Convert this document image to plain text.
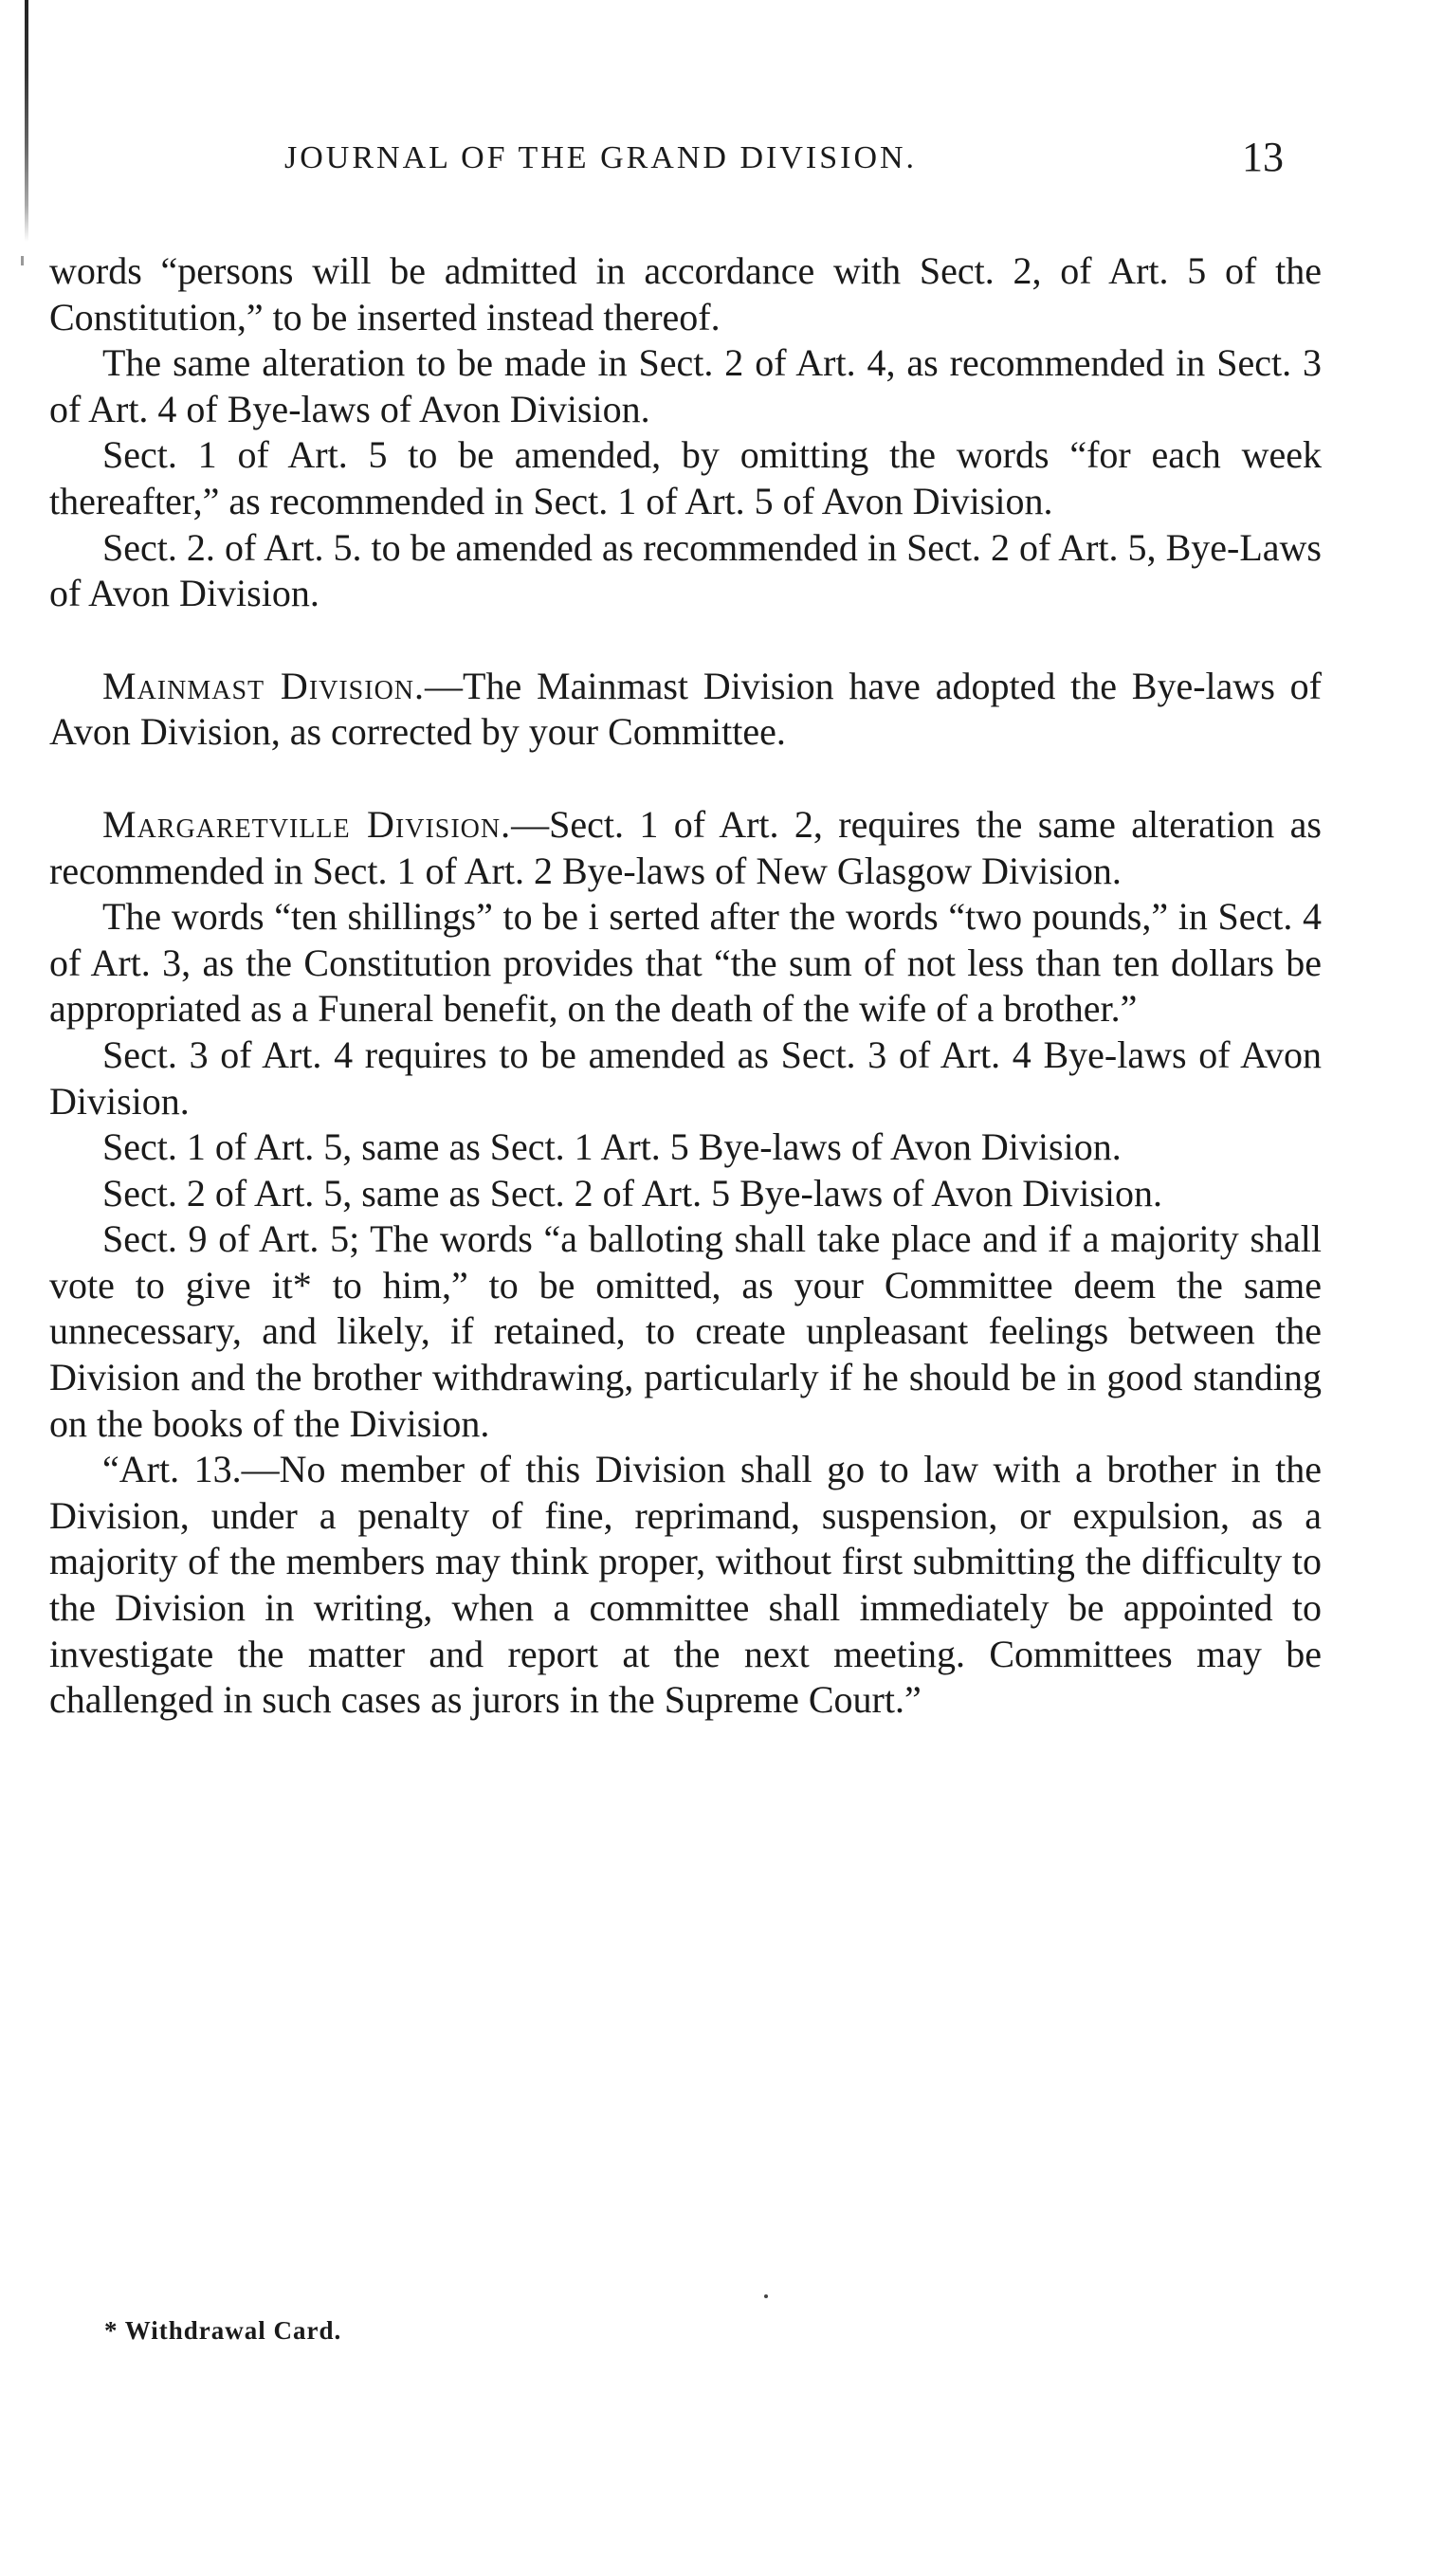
JOURNAL OF THE GRAND DIVISION.	13

words “persons will be admitted in accordance with Sect. 2, of Art. 5 of the Constitution,” to be inserted instead thereof.

The same alteration to be made in Sect. 2 of Art. 4, as recommended in Sect. 3 of Art. 4 of Bye-laws of Avon Division.

Sect. 1 of Art. 5 to be amended, by omitting the words “for each week thereafter,” as recommended in Sect. 1 of Art. 5 of Avon Division.

Sect. 2. of Art. 5. to be amended as recommended in Sect. 2 of Art. 5, Bye-Laws of Avon Division.

Mainmast Division.—The Mainmast Division have adopted the Bye-laws of Avon Division, as corrected by your Committee.

Margaretville Division.—Sect. 1 of Art. 2, requires the same alteration as recommended in Sect. 1 of Art. 2 Bye-laws of New Glasgow Division.

The words “ten shillings” to be i serted after the words “two pounds,” in Sect. 4 of Art. 3, as the Constitution provides that “the sum of not less than ten dollars be appropriated as a Funeral benefit, on the death of the wife of a brother.”

Sect. 3 of Art. 4 requires to be amended as Sect. 3 of Art. 4 Bye-laws of Avon Division.

Sect. 1 of Art. 5, same as Sect. 1 Art. 5 Bye-laws of Avon Division.

Sect. 2 of Art. 5, same as Sect. 2 of Art. 5 Bye-laws of Avon Division.

Sect. 9 of Art. 5; The words “a balloting shall take place and if a majority shall vote to give it* to him,” to be omitted, as your Committee deem the same unnecessary, and likely, if retained, to create unpleasant feelings between the Division and the brother withdrawing, particularly if he should be in good standing on the books of the Division.

“Art. 13.—No member of this Division shall go to law with a brother in the Division, under a penalty of fine, reprimand, suspension, or expulsion, as a majority of the members may think proper, without first submitting the difficulty to the Division in writing, when a committee shall immediately be appointed to investigate the matter and report at the next meeting. Committees may be challenged in such cases as jurors in the Supreme Court.”

* Withdrawal Card.
